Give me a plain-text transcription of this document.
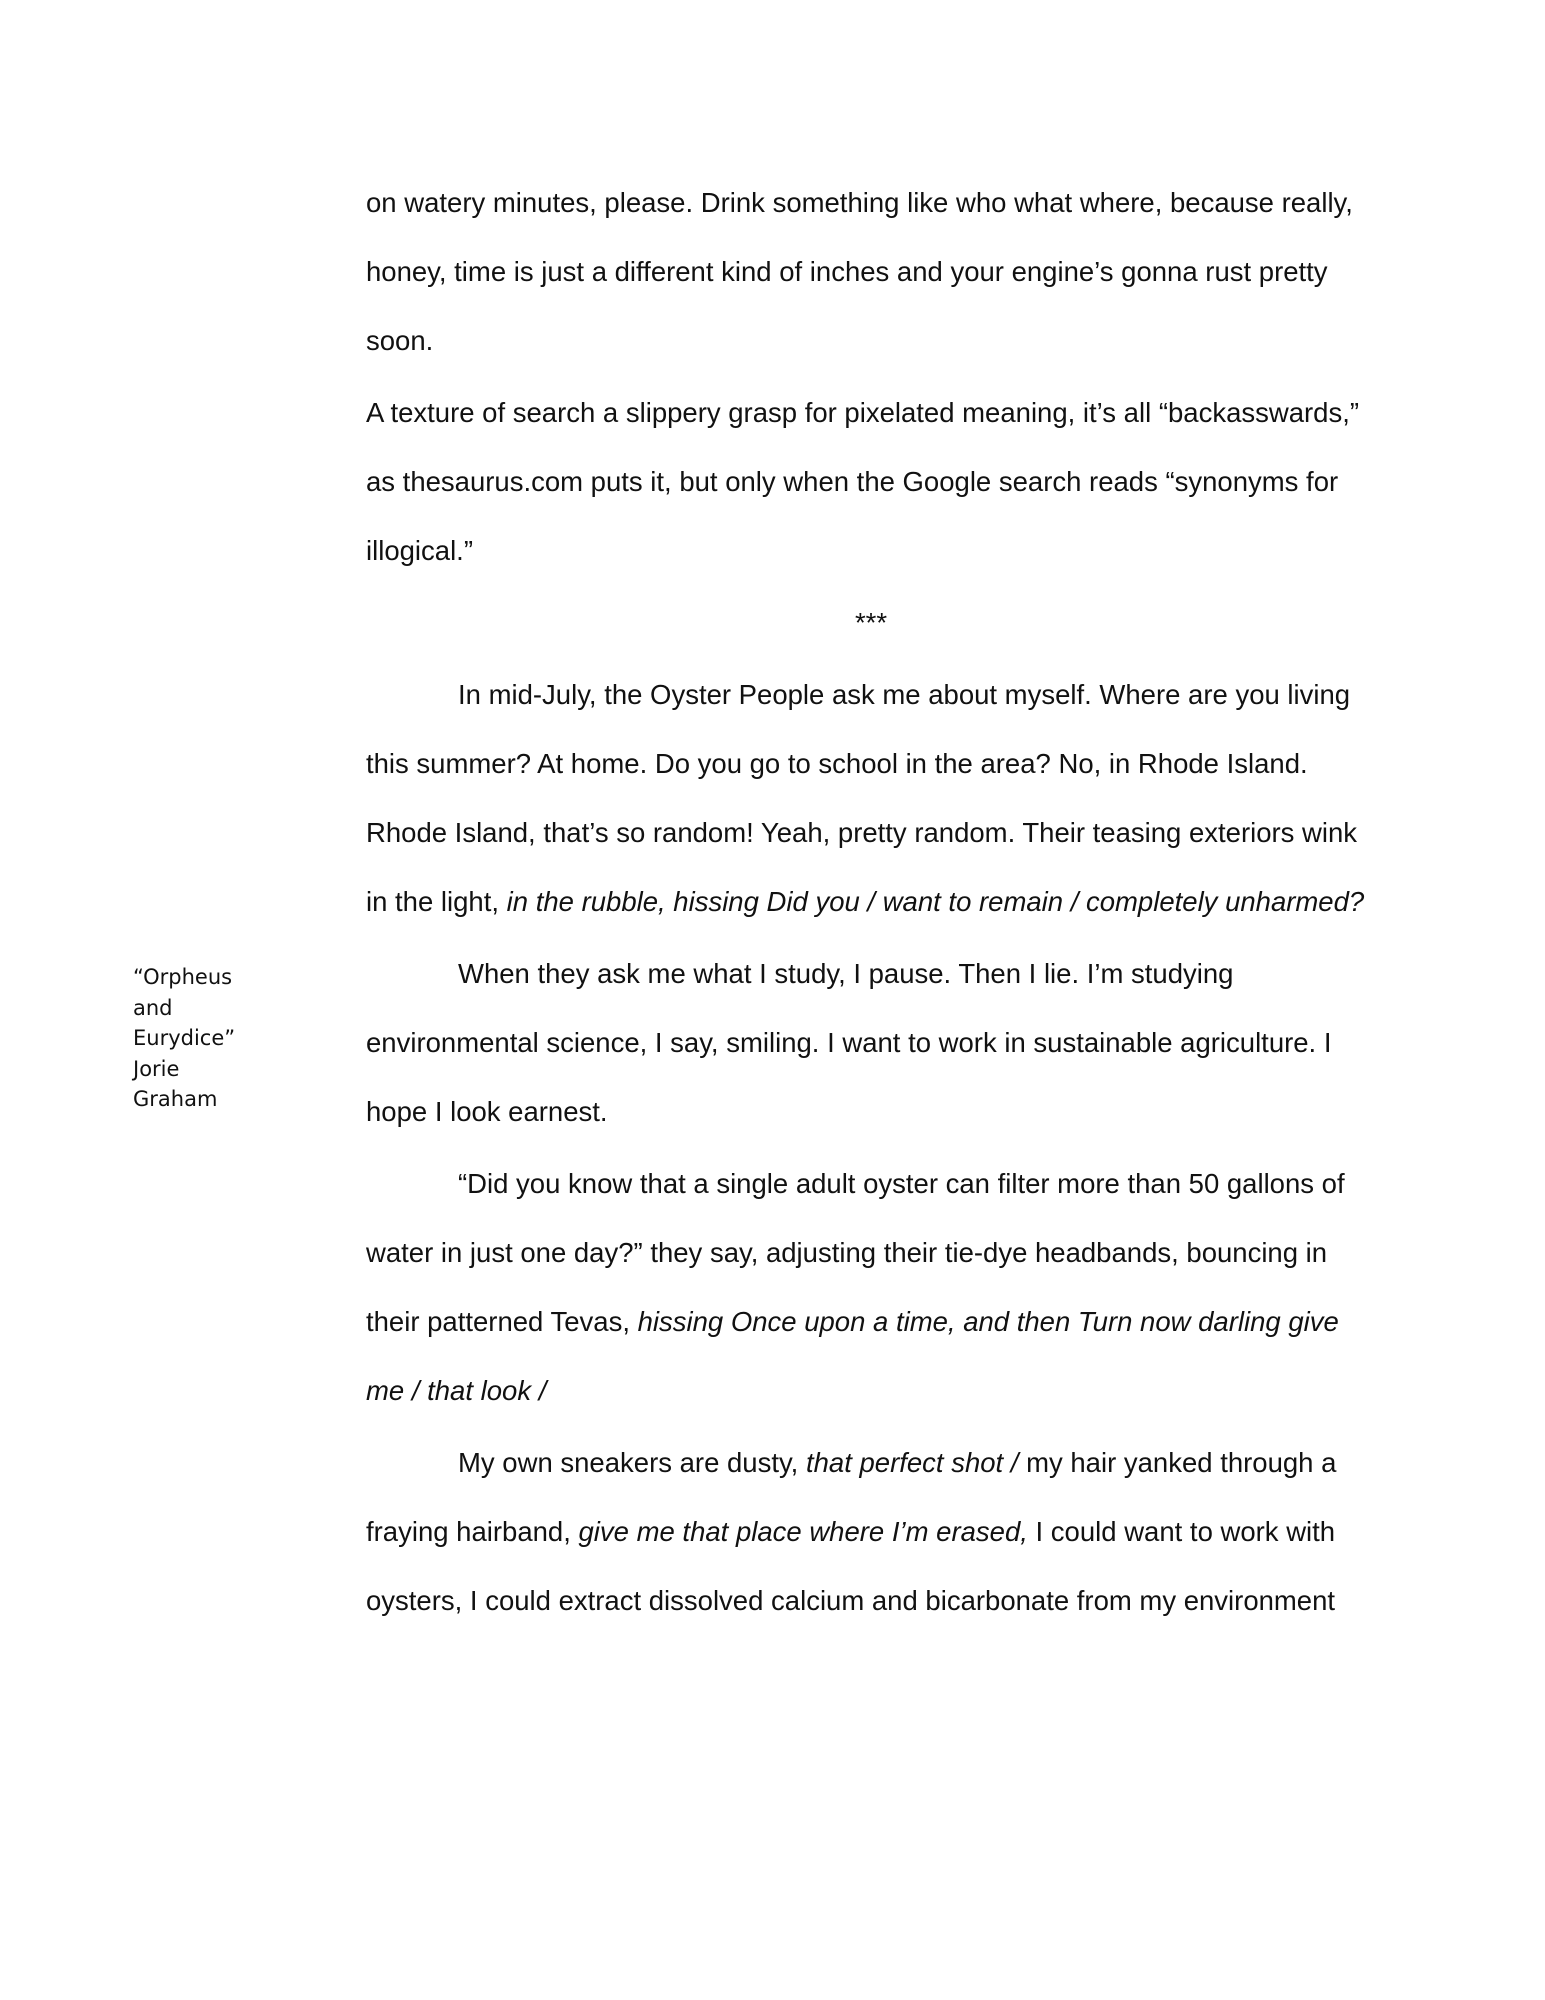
“Orpheus
and
Eurydice”
Jorie
Graham

on watery minutes, please. Drink something like who what where, because really, honey, time is just a different kind of inches and your engine’s gonna rust pretty soon.

A texture of search a slippery grasp for pixelated meaning, it’s all “backasswards,” as thesaurus.com puts it, but only when the Google search reads “synonyms for illogical.”

***

In mid-July, the Oyster People ask me about myself. Where are you living this summer? At home. Do you go to school in the area? No, in Rhode Island. Rhode Island, that’s so random! Yeah, pretty random. Their teasing exteriors wink in the light, in the rubble, hissing Did you / want to remain / completely unharmed?

When they ask me what I study, I pause. Then I lie. I’m studying environmental science, I say, smiling. I want to work in sustainable agriculture. I hope I look earnest.

“Did you know that a single adult oyster can filter more than 50 gallons of water in just one day?” they say, adjusting their tie-dye headbands, bouncing in their patterned Tevas, hissing Once upon a time, and then Turn now darling give me / that look /

My own sneakers are dusty, that perfect shot / my hair yanked through a fraying hairband, give me that place where I’m erased, I could want to work with oysters, I could extract dissolved calcium and bicarbonate from my environment
